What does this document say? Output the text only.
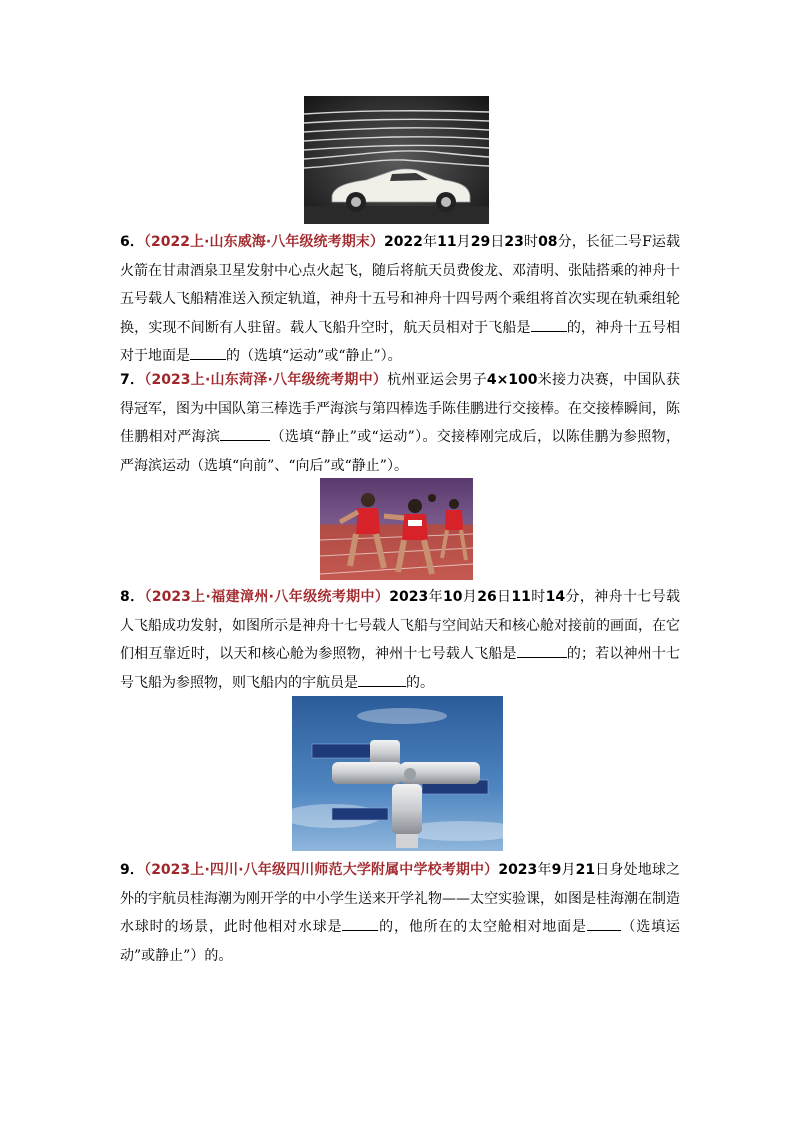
6．（2022上·山东威海·八年级统考期末）2022年11月29日23时08分，长征二号F运载火箭在甘肃酒泉卫星发射中心点火起飞，随后将航天员费俊龙、邓清明、张陆搭乘的神舟十五号载人飞船精准送入预定轨道，神舟十五号和神舟十四号两个乘组将首次实现在轨乘组轮换，实现不间断有人驻留。载人飞船升空时，航天员相对于飞船是	的，神舟十五号相对于地面是	的（选填“运动”或“静止”）。
7．（2023上·山东菏泽·八年级统考期中）杭州亚运会男子4×100米接力决赛，中国队获得冠军，图为中国队第三棒选手严海滨与第四棒选手陈佳鹏进行交接棒。在交接棒瞬间，陈佳鹏相对严海滨	（选填“静止”或“运动”）。交接棒刚完成后，以陈佳鹏为参照物，严海滨运动（选填“向前”、“向后”或“静止”）。
8．（2023上·福建漳州·八年级统考期中）2023年10月26日11时14分，神舟十七号载人飞船成功发射，如图所示是神舟十七号载人飞船与空间站天和核心舱对接前的画面，在它们相互靠近时，以天和核心舱为参照物，神州十七号载人飞船是	的；若以神州十七号飞船为参照物，则飞船内的宇航员是	的。
9．（2023上·四川·八年级四川师范大学附属中学校考期中）2023年9月21日身处地球之外的宇航员桂海潮为刚开学的中小学生送来开学礼物——太空实验课，如图是桂海潮在制造水球时的场景，此时他相对水球是	的，他所在的太空舱相对地面是 （选填运动”或静止”）的。
